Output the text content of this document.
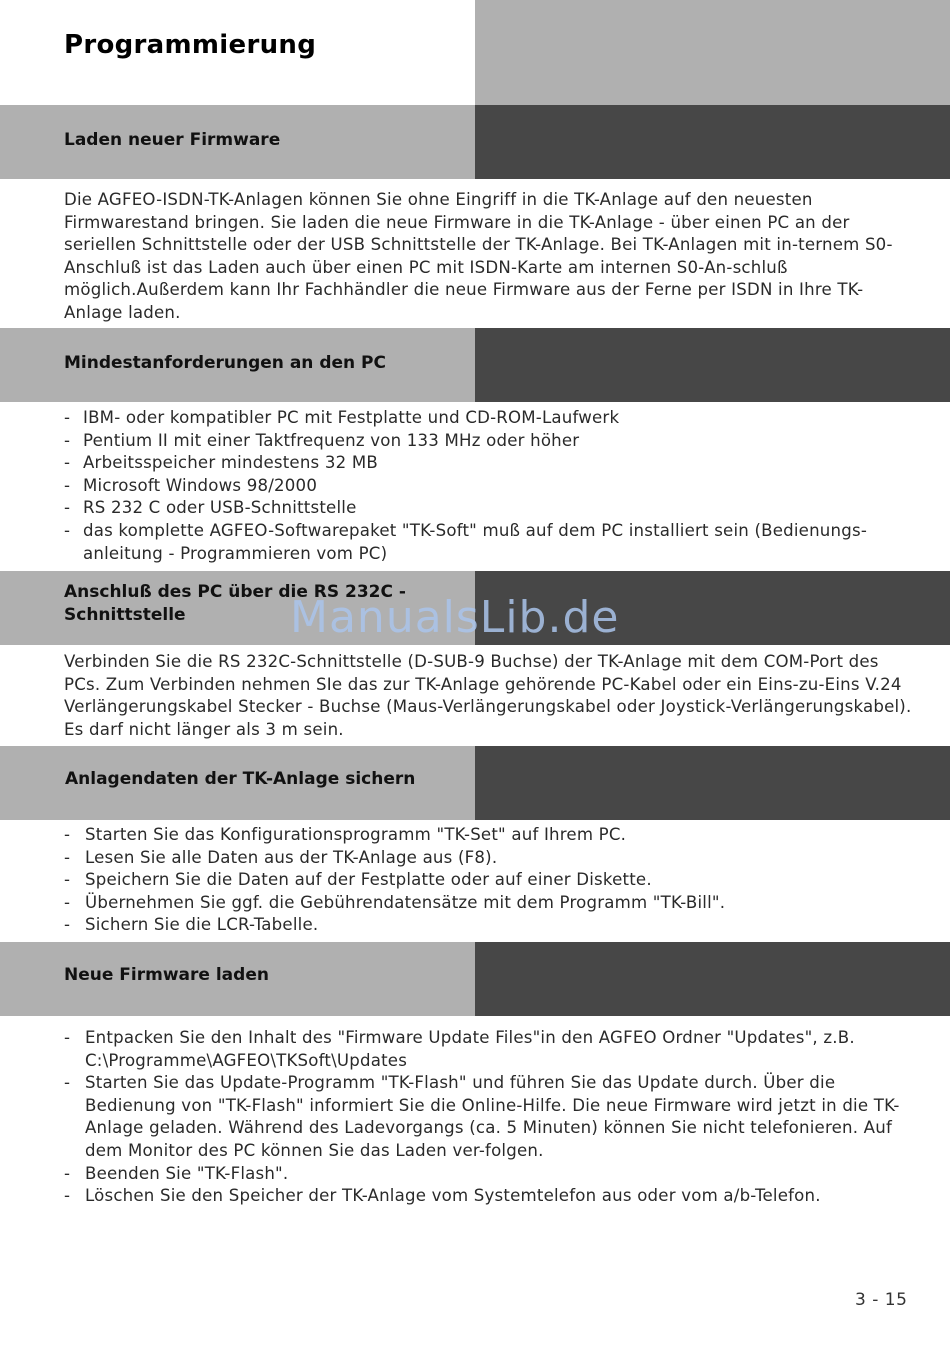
Programmierung
Laden neuer Firmware

Die AGFEO-ISDN-TK-Anlagen können Sie ohne Eingriff in die TK-Anlage auf den neuesten Firmwarestand bringen. Sie laden die neue Firmware in die TK-Anlage - über einen PC an der seriellen Schnittstelle oder der USB Schnittstelle der TK-Anlage. Bei TK-Anlagen mit in-ternem S0-Anschluß ist das Laden auch über einen PC mit ISDN-Karte am internen S0-An-schluß möglich.Außerdem kann Ihr Fachhändler die neue Firmware aus der Ferne per ISDN in Ihre TK-Anlage laden.

Mindestanforderungen an den PC
- IBM- oder kompatibler PC mit Festplatte und CD-ROM-Laufwerk
- Pentium II mit einer Taktfrequenz von 133 MHz oder höher
- Arbeitsspeicher mindestens 32 MB
- Microsoft Windows 98/2000
- RS 232 C oder USB-Schnittstelle
- das komplette AGFEO-Softwarepaket "TK-Soft" muß auf dem PC installiert sein (Bedienungs-anleitung - Programmieren vom PC)
Anschluß des PC über die RS 232C -
Schnittstelle

Verbinden Sie die RS 232C-Schnittstelle (D-SUB-9 Buchse) der TK-Anlage mit dem COM-Port des PCs. Zum Verbinden nehmen SIe das zur TK-Anlage gehörende PC-Kabel oder ein Eins-zu-Eins V.24 Verlängerungskabel Stecker - Buchse (Maus-Verlängerungskabel oder Joystick-Verlängerungskabel). Es darf nicht länger als 3 m sein.

Anlagendaten der TK-Anlage sichern
- Starten Sie das Konfigurationsprogramm "TK-Set" auf Ihrem PC.
- Lesen Sie alle Daten aus der TK-Anlage aus (F8).
- Speichern Sie die Daten auf der Festplatte oder auf einer Diskette.
- Übernehmen Sie ggf. die Gebührendatensätze mit dem Programm "TK-Bill".
- Sichern Sie die LCR-Tabelle.
Neue Firmware laden
- Entpacken Sie den Inhalt des "Firmware Update Files"in den AGFEO Ordner "Updates", z.B. C:\Programme\AGFEO\TKSoft\Updates
- Starten Sie das Update-Programm "TK-Flash" und führen Sie das Update durch. Über die Bedienung von "TK-Flash" informiert Sie die Online-Hilfe. Die neue Firmware wird jetzt in die TK-Anlage geladen. Während des Ladevorgangs (ca. 5 Minuten) können Sie nicht telefonieren. Auf dem Monitor des PC können Sie das Laden ver-folgen.
- Beenden Sie "TK-Flash".
- Löschen Sie den Speicher der TK-Anlage vom Systemtelefon aus oder vom a/b-Telefon.
ManualsLib.de
3 - 15
